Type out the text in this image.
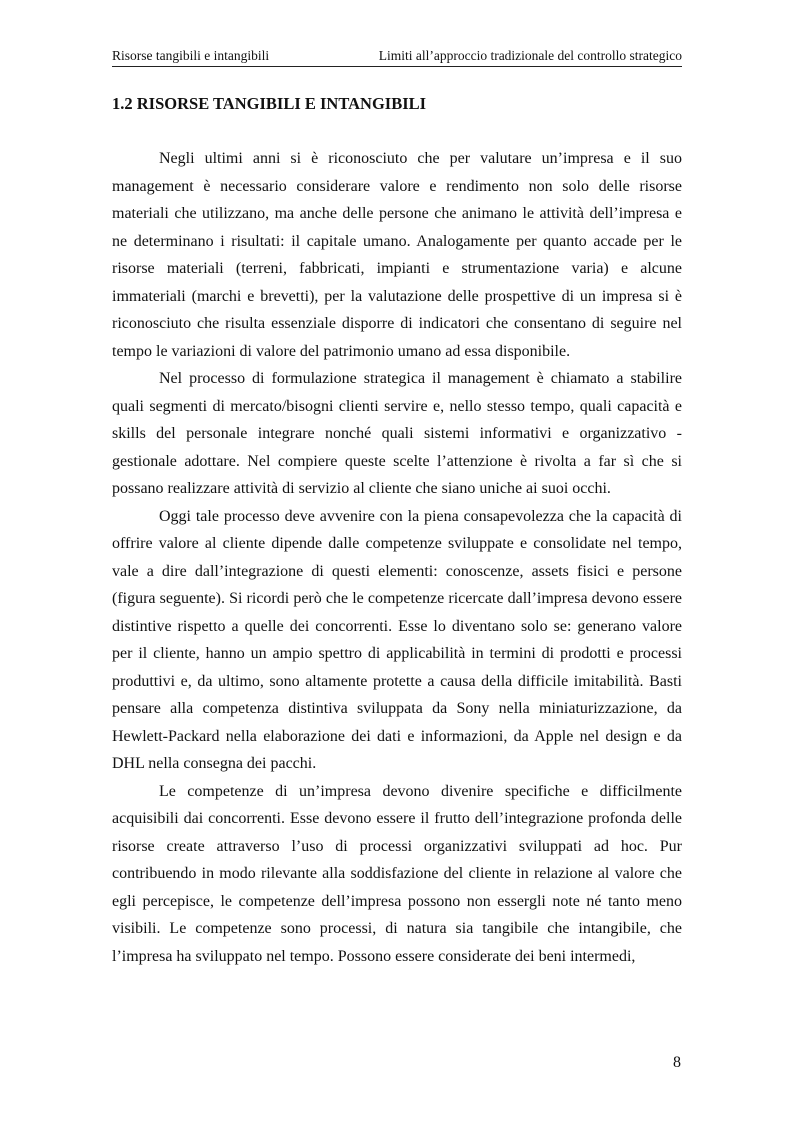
Risorse tangibili e intangibili	Limiti all’approccio tradizionale del controllo strategico
1.2 RISORSE TANGIBILI E INTANGIBILI

Negli ultimi anni si è riconosciuto che per valutare un’impresa e il suo management è necessario considerare valore e rendimento non solo delle risorse materiali che utilizzano, ma anche delle persone che animano le attività dell’impresa e ne determinano i risultati: il capitale umano. Analogamente per quanto accade per le risorse materiali (terreni, fabbricati, impianti e strumentazione varia) e alcune immateriali (marchi e brevetti), per la valutazione delle prospettive di un impresa si è riconosciuto che risulta essenziale disporre di indicatori che consentano di seguire nel tempo le variazioni di valore del patrimonio umano ad essa disponibile.

Nel processo di formulazione strategica il management è chiamato a stabilire quali segmenti di mercato/bisogni clienti servire e, nello stesso tempo, quali capacità e skills del personale integrare nonché quali sistemi informativi e organizzativo - gestionale adottare. Nel compiere queste scelte l’attenzione è rivolta a far sì che si possano realizzare attività di servizio al cliente che siano uniche ai suoi occhi.

Oggi tale processo deve avvenire con la piena consapevolezza che la capacità di offrire valore al cliente dipende dalle competenze sviluppate e consolidate nel tempo, vale a dire dall’integrazione di questi elementi: conoscenze, assets fisici e persone (figura seguente). Si ricordi però che le competenze ricercate dall’impresa devono essere distintive rispetto a quelle dei concorrenti. Esse lo diventano solo se: generano valore per il cliente, hanno un ampio spettro di applicabilità in termini di prodotti e processi produttivi e, da ultimo, sono altamente protette a causa della difficile imitabilità. Basti pensare alla competenza distintiva sviluppata da Sony nella miniaturizzazione, da Hewlett-Packard nella elaborazione dei dati e informazioni, da Apple nel design e da DHL nella consegna dei pacchi.

Le competenze di un’impresa devono divenire specifiche e difficilmente acquisibili dai concorrenti. Esse devono essere il frutto dell’integrazione profonda delle risorse create attraverso l’uso di processi organizzativi sviluppati ad hoc. Pur contribuendo in modo rilevante alla soddisfazione del cliente in relazione al valore che egli percepisce, le competenze dell’impresa possono non essergli note né tanto meno visibili. Le competenze sono processi, di natura sia tangibile che intangibile, che l’impresa ha sviluppato nel tempo. Possono essere considerate dei beni intermedi,

8
